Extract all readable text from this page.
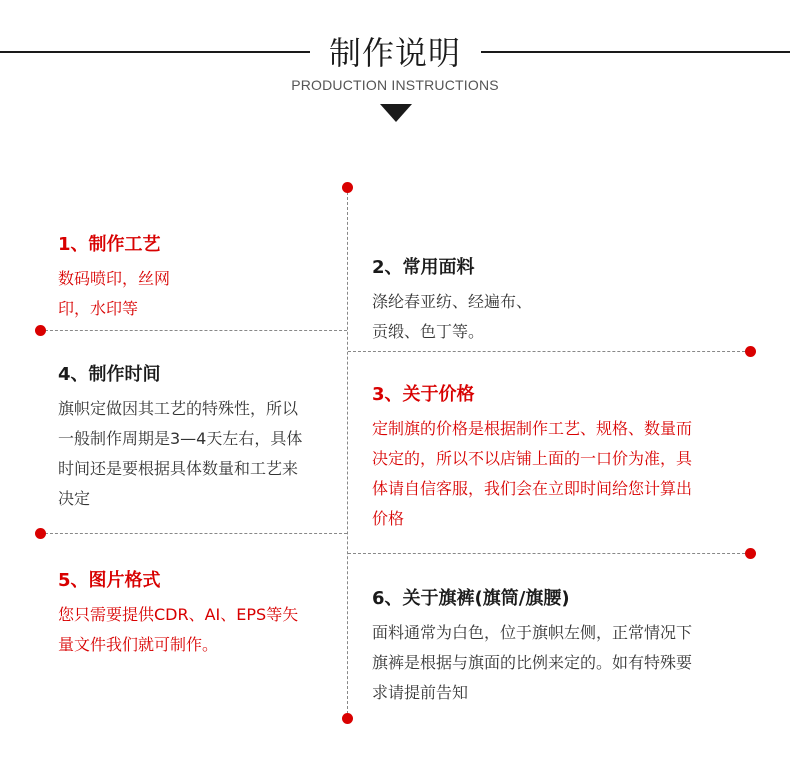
制作说明
PRODUCTION INSTRUCTIONS
1、制作工艺
数码喷印，丝网
印，水印等
2、常用面料
涤纶春亚纺、经遍布、
贡缎、色丁等。
3、关于价格
定制旗的价格是根据制作工艺、规格、数量而
决定的，所以不以店铺上面的一口价为准，具
体请自信客服，我们会在立即时间给您计算出
价格
4、制作时间
旗帜定做因其工艺的特殊性，所以
一般制作周期是3—4天左右，具体
时间还是要根据具体数量和工艺来
决定
5、图片格式
您只需要提供CDR、AI、EPS等矢
量文件我们就可制作。
6、关于旗裤(旗筒/旗腰)
面料通常为白色，位于旗帜左侧，正常情况下
旗裤是根据与旗面的比例来定的。如有特殊要
求请提前告知
